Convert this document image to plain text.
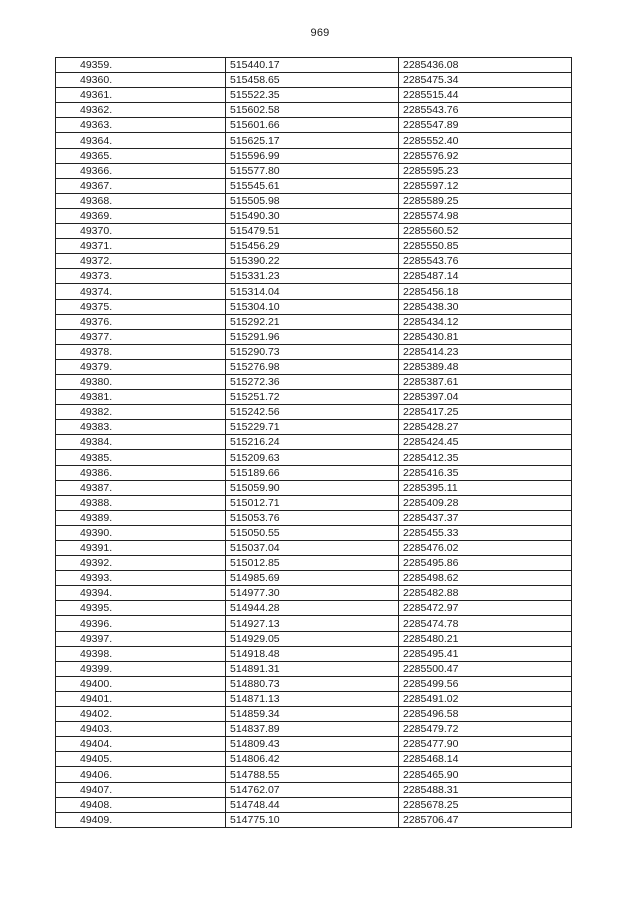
969
49359.	515440.17	2285436.08
49360.	515458.65	2285475.34
49361.	515522.35	2285515.44
49362.	515602.58	2285543.76
49363.	515601.66	2285547.89
49364.	515625.17	2285552.40
49365.	515596.99	2285576.92
49366.	515577.80	2285595.23
49367.	515545.61	2285597.12
49368.	515505.98	2285589.25
49369.	515490.30	2285574.98
49370.	515479.51	2285560.52
49371.	515456.29	2285550.85
49372.	515390.22	2285543.76
49373.	515331.23	2285487.14
49374.	515314.04	2285456.18
49375.	515304.10	2285438.30
49376.	515292.21	2285434.12
49377.	515291.96	2285430.81
49378.	515290.73	2285414.23
49379.	515276.98	2285389.48
49380.	515272.36	2285387.61
49381.	515251.72	2285397.04
49382.	515242.56	2285417.25
49383.	515229.71	2285428.27
49384.	515216.24	2285424.45
49385.	515209.63	2285412.35
49386.	515189.66	2285416.35
49387.	515059.90	2285395.11
49388.	515012.71	2285409.28
49389.	515053.76	2285437.37
49390.	515050.55	2285455.33
49391.	515037.04	2285476.02
49392.	515012.85	2285495.86
49393.	514985.69	2285498.62
49394.	514977.30	2285482.88
49395.	514944.28	2285472.97
49396.	514927.13	2285474.78
49397.	514929.05	2285480.21
49398.	514918.48	2285495.41
49399.	514891.31	2285500.47
49400.	514880.73	2285499.56
49401.	514871.13	2285491.02
49402.	514859.34	2285496.58
49403.	514837.89	2285479.72
49404.	514809.43	2285477.90
49405.	514806.42	2285468.14
49406.	514788.55	2285465.90
49407.	514762.07	2285488.31
49408.	514748.44	2285678.25
49409.	514775.10	2285706.47
